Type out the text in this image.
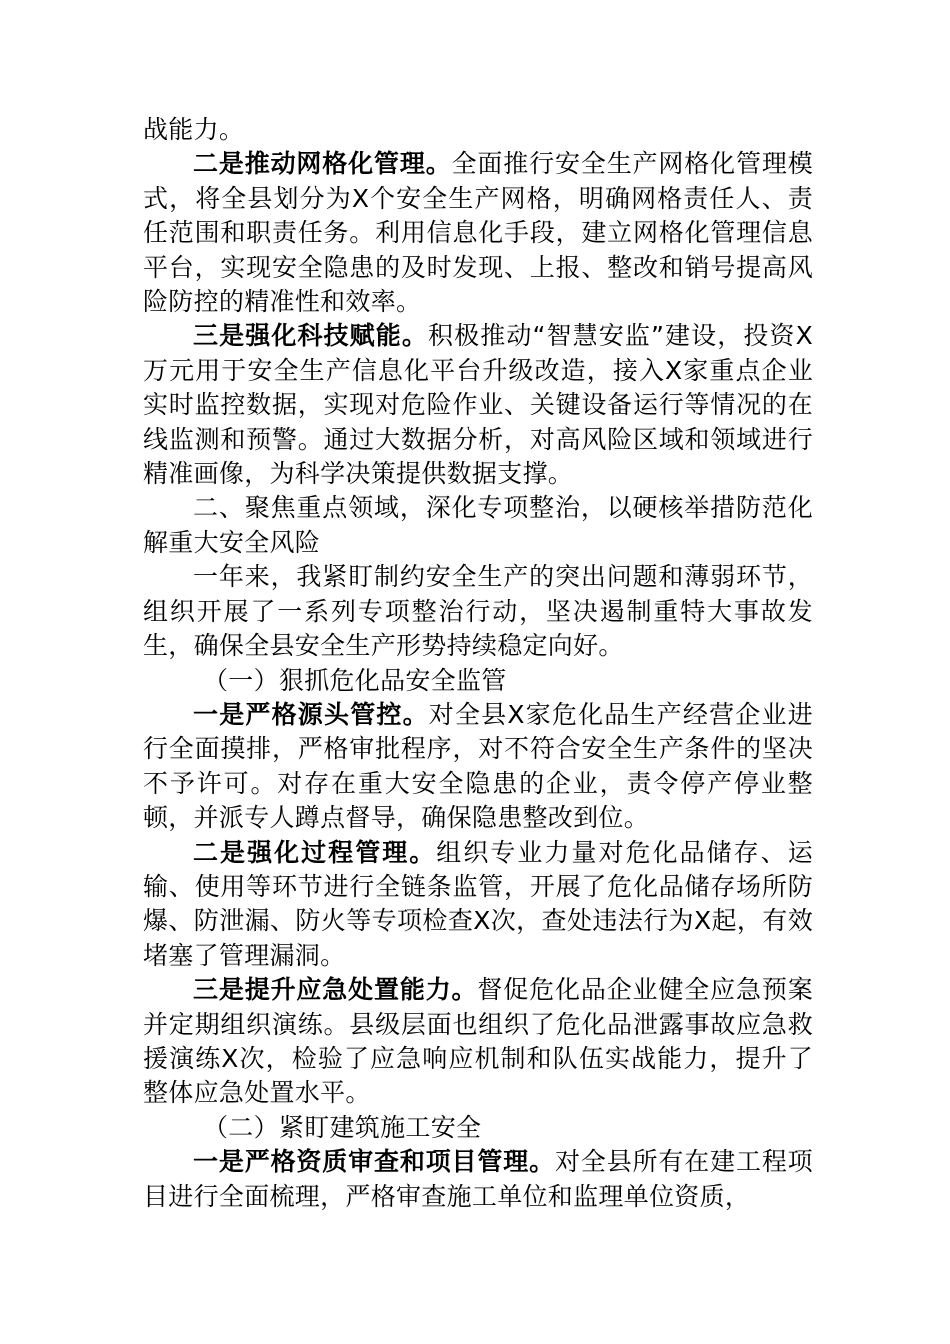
战能力。

二是推动网格化管理。全面推行安全生产网格化管理模式，将全县划分为X个安全生产网格，明确网格责任人、责任范围和职责任务。利用信息化手段，建立网格化管理信息平台，实现安全隐患的及时发现、上报、整改和销号提高风险防控的精准性和效率。

三是强化科技赋能。积极推动“智慧安监”建设，投资X万元用于安全生产信息化平台升级改造，接入X家重点企业实时监控数据，实现对危险作业、关键设备运行等情况的在线监测和预警。通过大数据分析，对高风险区域和领域进行精准画像，为科学决策提供数据支撑。

二、聚焦重点领域，深化专项整治，以硬核举措防范化解重大安全风险

一年来，我紧盯制约安全生产的突出问题和薄弱环节，组织开展了一系列专项整治行动，坚决遏制重特大事故发生，确保全县安全生产形势持续稳定向好。

（一）狠抓危化品安全监管

一是严格源头管控。对全县X家危化品生产经营企业进行全面摸排，严格审批程序，对不符合安全生产条件的坚决不予许可。对存在重大安全隐患的企业，责令停产停业整顿，并派专人蹲点督导，确保隐患整改到位。

二是强化过程管理。组织专业力量对危化品储存、运输、使用等环节进行全链条监管，开展了危化品储存场所防爆、防泄漏、防火等专项检查X次，查处违法行为X起，有效堵塞了管理漏洞。

三是提升应急处置能力。督促危化品企业健全应急预案并定期组织演练。县级层面也组织了危化品泄露事故应急救援演练X次，检验了应急响应机制和队伍实战能力，提升了整体应急处置水平。

（二）紧盯建筑施工安全

一是严格资质审查和项目管理。对全县所有在建工程项目进行全面梳理，严格审查施工单位和监理单位资质，
